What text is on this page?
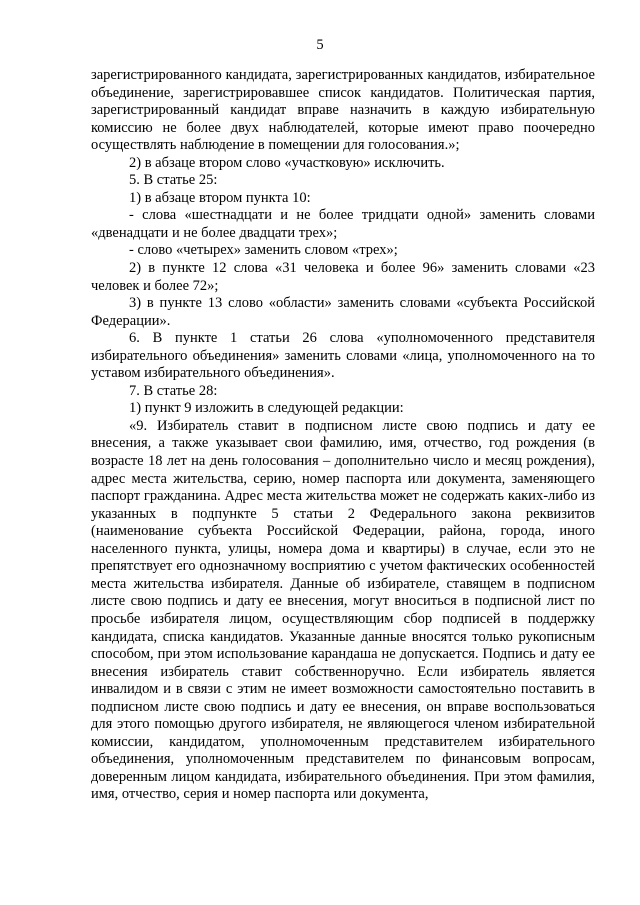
5

зарегистрированного кандидата, зарегистрированных кандидатов, избирательное объединение, зарегистрировавшее список кандидатов. Политическая партия, зарегистрированный кандидат вправе назначить в каждую избирательную комиссию не более двух наблюдателей, которые имеют право поочередно осуществлять наблюдение в помещении для голосования.»;

2) в абзаце втором слово «участковую» исключить.

5. В статье 25:

1) в абзаце втором пункта 10:

- слова «шестнадцати и не более тридцати одной» заменить словами «двенадцати и не более двадцати трех»;

- слово «четырех» заменить словом «трех»;

2) в пункте 12 слова «31 человека и более 96» заменить словами «23 человек и более 72»;

3) в пункте 13 слово «области» заменить словами «субъекта Российской Федерации».

6. В пункте 1 статьи 26 слова «уполномоченного представителя избирательного объединения» заменить словами «лица, уполномоченного на то уставом избирательного объединения».

7. В статье 28:

1) пункт 9 изложить в следующей редакции:

«9. Избиратель ставит в подписном листе свою подпись и дату ее внесения, а также указывает свои фамилию, имя, отчество, год рождения (в возрасте 18 лет на день голосования – дополнительно число и месяц рождения), адрес места жительства, серию, номер паспорта или документа, заменяющего паспорт гражданина. Адрес места жительства может не содержать каких-либо из указанных в подпункте 5 статьи 2 Федерального закона реквизитов (наименование субъекта Российской Федерации, района, города, иного населенного пункта, улицы, номера дома и квартиры) в случае, если это не препятствует его однозначному восприятию с учетом фактических особенностей места жительства избирателя. Данные об избирателе, ставящем в подписном листе свою подпись и дату ее внесения, могут вноситься в подписной лист по просьбе избирателя лицом, осуществляющим сбор подписей в поддержку кандидата, списка кандидатов. Указанные данные вносятся только рукописным способом, при этом использование карандаша не допускается. Подпись и дату ее внесения избиратель ставит собственноручно. Если избиратель является инвалидом и в связи с этим не имеет возможности самостоятельно поставить в подписном листе свою подпись и дату ее внесения, он вправе воспользоваться для этого помощью другого избирателя, не являющегося членом избирательной комиссии, кандидатом, уполномоченным представителем избирательного объединения, уполномоченным представителем по финансовым вопросам, доверенным лицом кандидата, избирательного объединения. При этом фамилия, имя, отчество, серия и номер паспорта или документа,
